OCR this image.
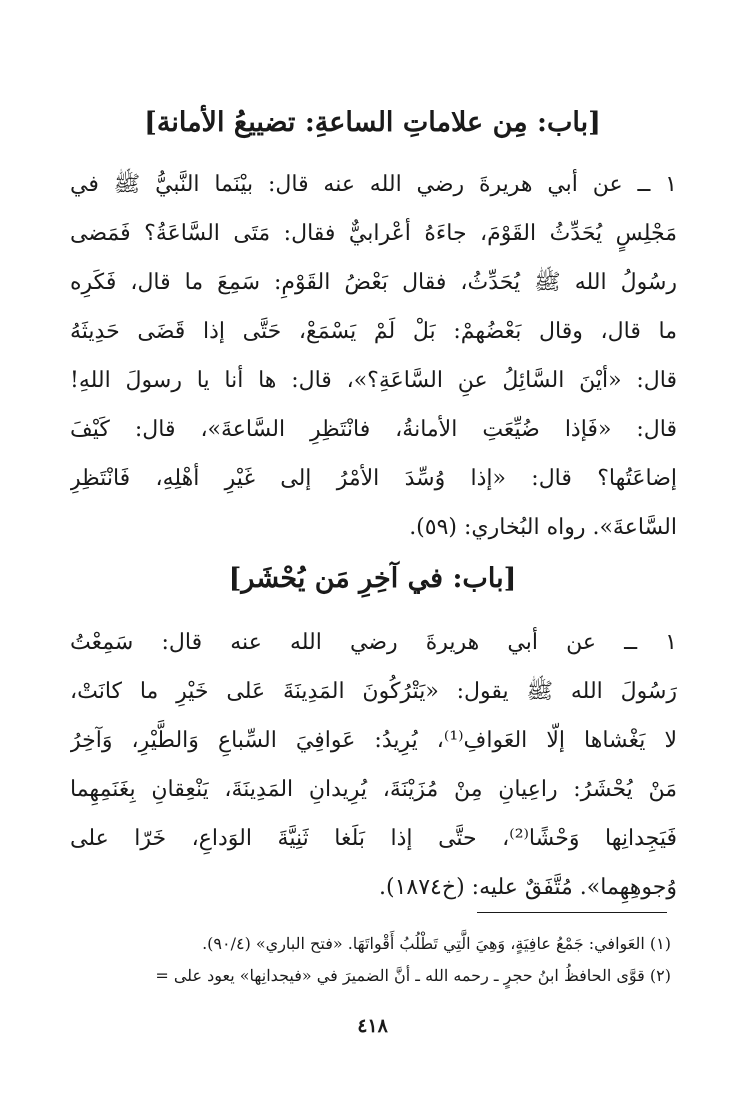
[باب: مِن علاماتِ الساعةِ: تضييعُ الأمانة]
١ ــ عن أبي هريرةَ رضي الله عنه قال: بيْنَما النَّبيُّ ﷺ في
مَجْلِسٍ يُحَدِّثُ القَوْمَ، جاءَهُ أعْرابيٌّ فقال: مَتَى السَّاعَةُ؟ فَمَضى
رسُولُ الله ﷺ يُحَدِّثُ، فقال بَعْضُ القَوْمِ: سَمِعَ ما قال، فَكَرِه
ما قال، وقال بَعْضُهمْ: بَلْ لَمْ يَسْمَعْ، حَتَّى إذا قَضَى حَدِيثَهُ
قال: «أيْنَ السَّائِلُ عنِ السَّاعَةِ؟»، قال: ها أنا يا رسولَ اللهِ!
قال: «فَإذا ضُيِّعَتِ الأمانةُ، فانْتَظِرِ السَّاعةَ»، قال: كَيْفَ
إضاعَتُها؟ قال: «إذا وُسِّدَ الأمْرُ إلى غَيْرِ أهْلِهِ، فَانْتَظِرِ
السَّاعةَ». رواه البُخاري: (٥٩).
[باب: في آخِرِ مَن يُحْشَر]
١ ــ عن أبي هريرةَ رضي الله عنه قال: سَمِعْتُ
رَسُولَ الله ﷺ يقول: «يَتْرُكُونَ المَدِينَةَ عَلى خَيْرِ ما كانَتْ،
لا يَغْشاها إلّا العَوافِ⁽¹⁾، يُرِيدُ: عَوافِيَ السِّباعِ وَالطَّيْرِ، وَآخِرُ
مَنْ يُحْشَرُ: راعِيانِ مِنْ مُزَيْنَةَ، يُرِيدانِ المَدِينَةَ، يَنْعِقانِ بِغَنَمِهِما
فَيَجِدانِها وَحْشًا⁽²⁾، حتَّى إذا بَلَغا ثَنِيَّةَ الوَداعِ، خَرّا على
وُجوهِهِما». مُتَّفَقٌ عليه: (خ١٨٧٤).
(١) العَوافي: جَمْعُ عافِيَةٍ، وَهِيَ الَّتِي تَطْلُبُ أَقْواتَهَا. «فتح الباري» (٩٠/٤).
(٢) قوَّى الحافظُ ابنُ حجرٍ ـ رحمه الله ـ أنَّ الضميرَ في «فيجدانِها» يعود على =
٤١٨
